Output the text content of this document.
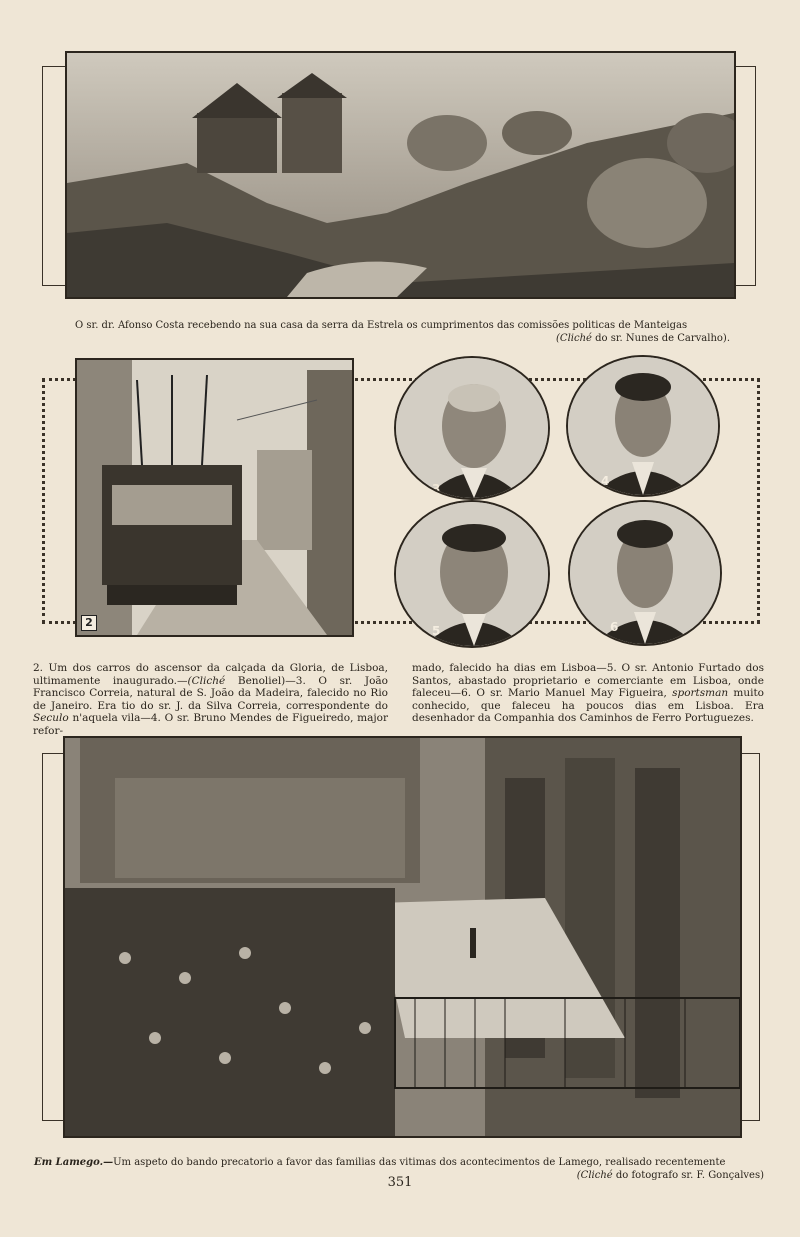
O sr. dr. Afonso Costa recebendo na sua casa da serra da Estrela os cumprimentos das comissões politicas de Manteigas
(Cliché do sr. Nunes de Carvalho).
2
3
4
5	6
2. Um dos carros do ascensor da calçada da Gloria, de Lisboa, ultimamente inaugurado.—(Cliché Benoliel)—3. O sr. João Francisco Correia, natural de S. João da Madeira, falecido no Rio de Janeiro. Era tio do sr. J. da Silva Correia, correspondente do Seculo n'aquela vila—4. O sr. Bruno Mendes de Figueiredo, major refor-
mado, falecido ha dias em Lisboa—5. O sr. Antonio Furtado dos Santos, abastado proprietario e comerciante em Lisboa, onde faleceu—6. O sr. Mario Manuel May Figueira, sportsman muito conhecido, que faleceu ha poucos dias em Lisboa. Era desenhador da Companhia dos Caminhos de Ferro Portuguezes.
Em Lamego.—Um aspeto do bando precatorio a favor das familias das vitimas dos acontecimentos de Lamego, realisado recentemente
(Cliché do fotografo sr. F. Gonçalves)
351
